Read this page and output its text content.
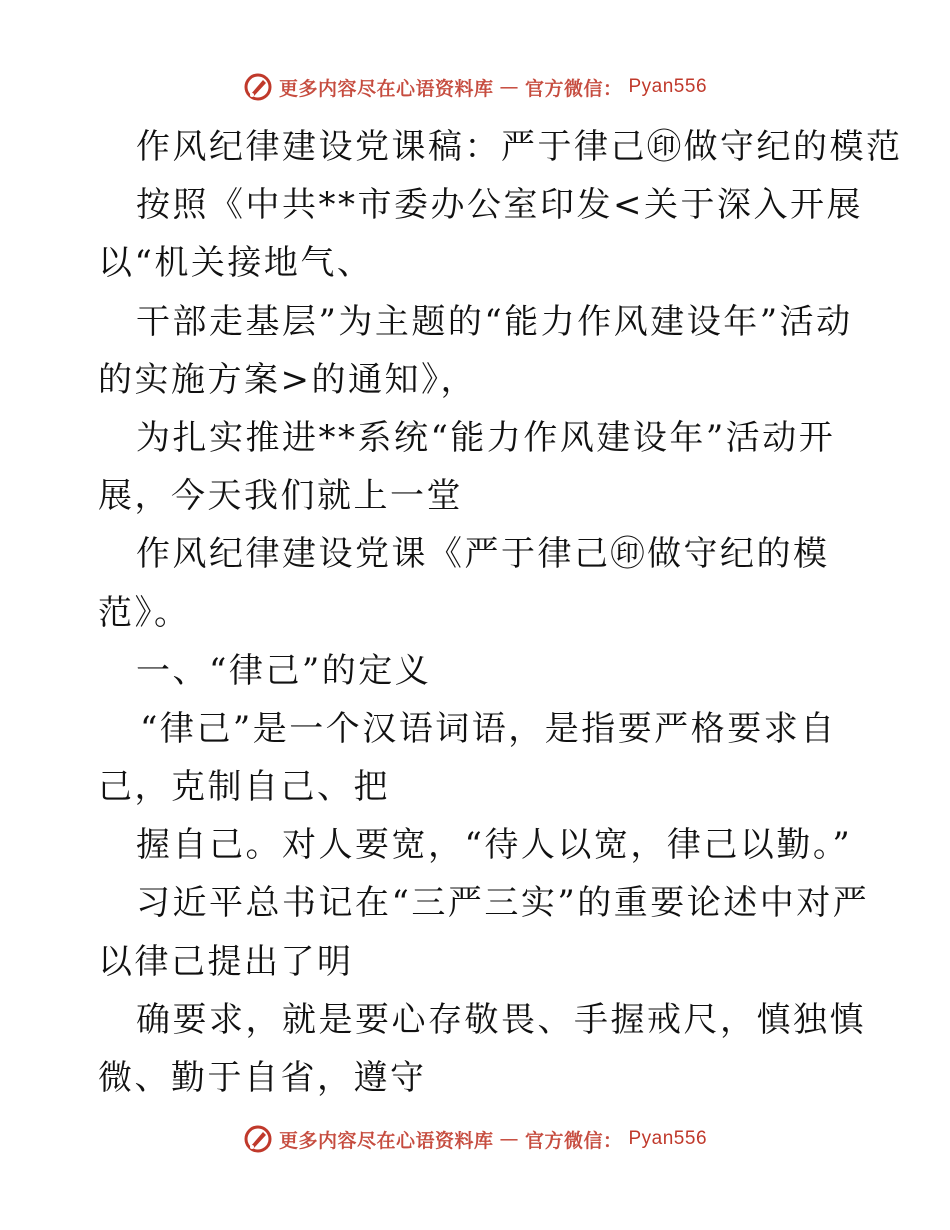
更多内容尽在心语资料库 — 官方微信： Pyan556
作风纪律建设党课稿：严于律己㊞做守纪的模范
按照《中共**市委办公室印发<关于深入开展
以“机关接地气、
干部走基层”为主题的“能力作风建设年”活动
的实施方案>的通知》，
为扎实推进**系统“能力作风建设年”活动开
展，今天我们就上一堂
作风纪律建设党课《严于律己㊞做守纪的模
范》。
一、“律己”的定义
“律己”是一个汉语词语，是指要严格要求自
己，克制自己、把
握自己。对人要宽，“待人以宽，律己以勤。”
习近平总书记在“三严三实”的重要论述中对严
以律己提出了明
确要求，就是要心存敬畏、手握戒尺，慎独慎
微、勤于自省，遵守
更多内容尽在心语资料库 — 官方微信： Pyan556
